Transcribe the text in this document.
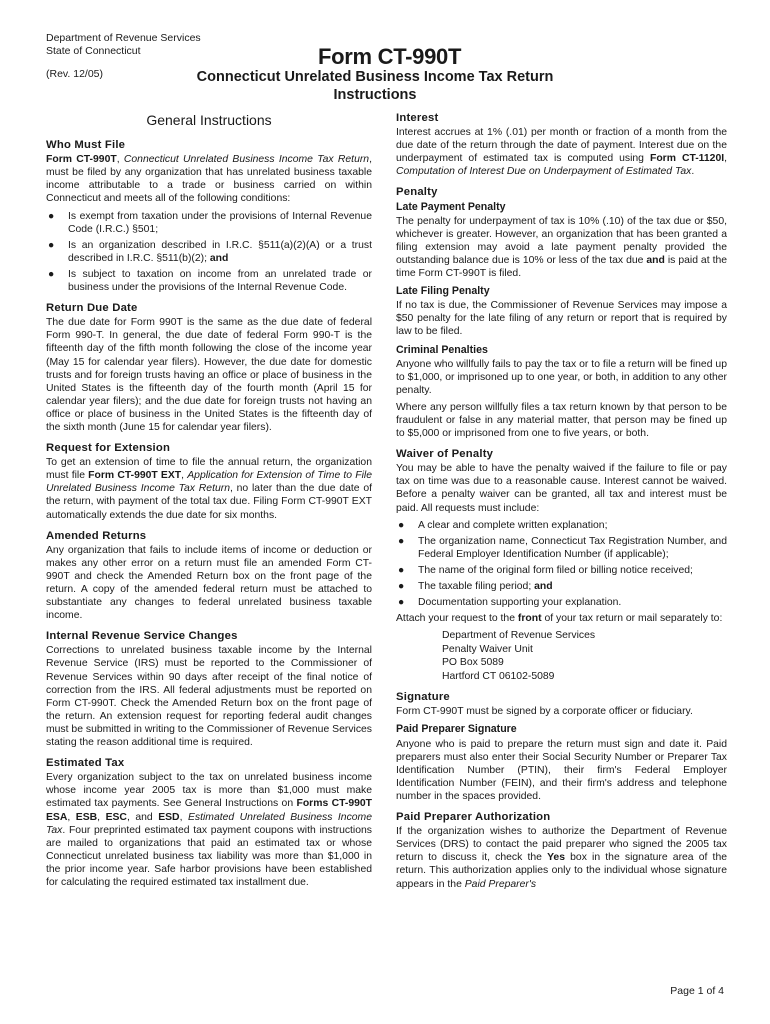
Department of Revenue Services
State of Connecticut	Form CT-990T
(Rev. 12/05)	Connecticut Unrelated Business Income Tax Return
Instructions
General Instructions
Who Must File

Form CT-990T, Connecticut Unrelated Business Income Tax Return, must be filed by any organization that has unrelated business taxable income attributable to a trade or business carried on within Connecticut and meets all of the following conditions:

● Is exempt from taxation under the provisions of Internal Revenue Code (I.R.C.) §501;
● Is an organization described in I.R.C. §511(a)(2)(A) or a trust described in I.R.C. §511(b)(2); and
● Is subject to taxation on income from an unrelated trade or business under the provisions of the Internal Revenue Code.
Return Due Date

The due date for Form 990T is the same as the due date of federal Form 990-T. In general, the due date of federal Form 990-T is the fifteenth day of the fifth month following the close of the income year (May 15 for calendar year filers). However, the due date for domestic trusts and for foreign trusts having an office or place of business in the United States is the fifteenth day of the fourth month (April 15 for calendar year filers); and the due date for foreign trusts not having an office or place of business in the United States is the fifteenth day of the sixth month (June 15 for calendar year filers).

Request for Extension

To get an extension of time to file the annual return, the organization must file Form CT-990T EXT, Application for Extension of Time to File Unrelated Business Income Tax Return, no later than the due date of the return, with payment of the total tax due. Filing Form CT-990T EXT automatically extends the due date for six months.

Amended Returns

Any organization that fails to include items of income or deduction or makes any other error on a return must file an amended Form CT-990T and check the Amended Return box on the front page of the return. A copy of the amended federal return must be attached to substantiate any changes to federal unrelated business taxable income.

Internal Revenue Service Changes

Corrections to unrelated business taxable income by the Internal Revenue Service (IRS) must be reported to the Commissioner of Revenue Services within 90 days after receipt of the final notice of correction from the IRS. All federal adjustments must be reported on Form CT-990T. Check the Amended Return box on the front page of the return. An extension request for reporting federal audit changes must be submitted in writing to the Commissioner of Revenue Services stating the reason additional time is required.

Estimated Tax

Every organization subject to the tax on unrelated business income whose income year 2005 tax is more than $1,000 must make estimated tax payments. See General Instructions on Forms CT-990T ESA, ESB, ESC, and ESD, Estimated Unrelated Business Income Tax. Four preprinted estimated tax payment coupons with instructions are mailed to organizations that paid an estimated tax or whose Connecticut unrelated business tax liability was more than $1,000 in the prior income year. Safe harbor provisions have been established for calculating the required estimated tax installment due.

Interest

Interest accrues at 1% (.01) per month or fraction of a month from the due date of the return through the date of payment. Interest due on the underpayment of estimated tax is computed using Form CT-1120I, Computation of Interest Due on Underpayment of Estimated Tax.

Penalty
Late Payment Penalty

The penalty for underpayment of tax is 10% (.10) of the tax due or $50, whichever is greater. However, an organization that has been granted a filing extension may avoid a late payment penalty provided the outstanding balance due is 10% or less of the tax due and is paid at the time Form CT-990T is filed.

Late Filing Penalty

If no tax is due, the Commissioner of Revenue Services may impose a $50 penalty for the late filing of any return or report that is required by law to be filed.

Criminal Penalties

Anyone who willfully fails to pay the tax or to file a return will be fined up to $1,000, or imprisoned up to one year, or both, in addition to any other penalty.

Where any person willfully files a tax return known by that person to be fraudulent or false in any material matter, that person may be fined up to $5,000 or imprisoned from one to five years, or both.

Waiver of Penalty

You may be able to have the penalty waived if the failure to file or pay tax on time was due to a reasonable cause. Interest cannot be waived. Before a penalty waiver can be granted, all tax and interest must be paid. All requests must include:

● A clear and complete written explanation;
● The organization name, Connecticut Tax Registration Number, and Federal Employer Identification Number (if applicable);
● The name of the original form filed or billing notice received;
● The taxable filing period; and
● Documentation supporting your explanation.

Attach your request to the front of your tax return or mail separately to:

Department of Revenue Services
Penalty Waiver Unit
PO Box 5089
Hartford CT 06102-5089
Signature

Form CT-990T must be signed by a corporate officer or fiduciary.

Paid Preparer Signature

Anyone who is paid to prepare the return must sign and date it. Paid preparers must also enter their Social Security Number or Preparer Tax Identification Number (PTIN), their firm's Federal Employer Identification Number (FEIN), and their firm's address and telephone number in the spaces provided.

Paid Preparer Authorization

If the organization wishes to authorize the Department of Revenue Services (DRS) to contact the paid preparer who signed the 2005 tax return to discuss it, check the Yes box in the signature area of the return. This authorization applies only to the individual whose signature appears in the Paid Preparer's

Page 1 of 4
